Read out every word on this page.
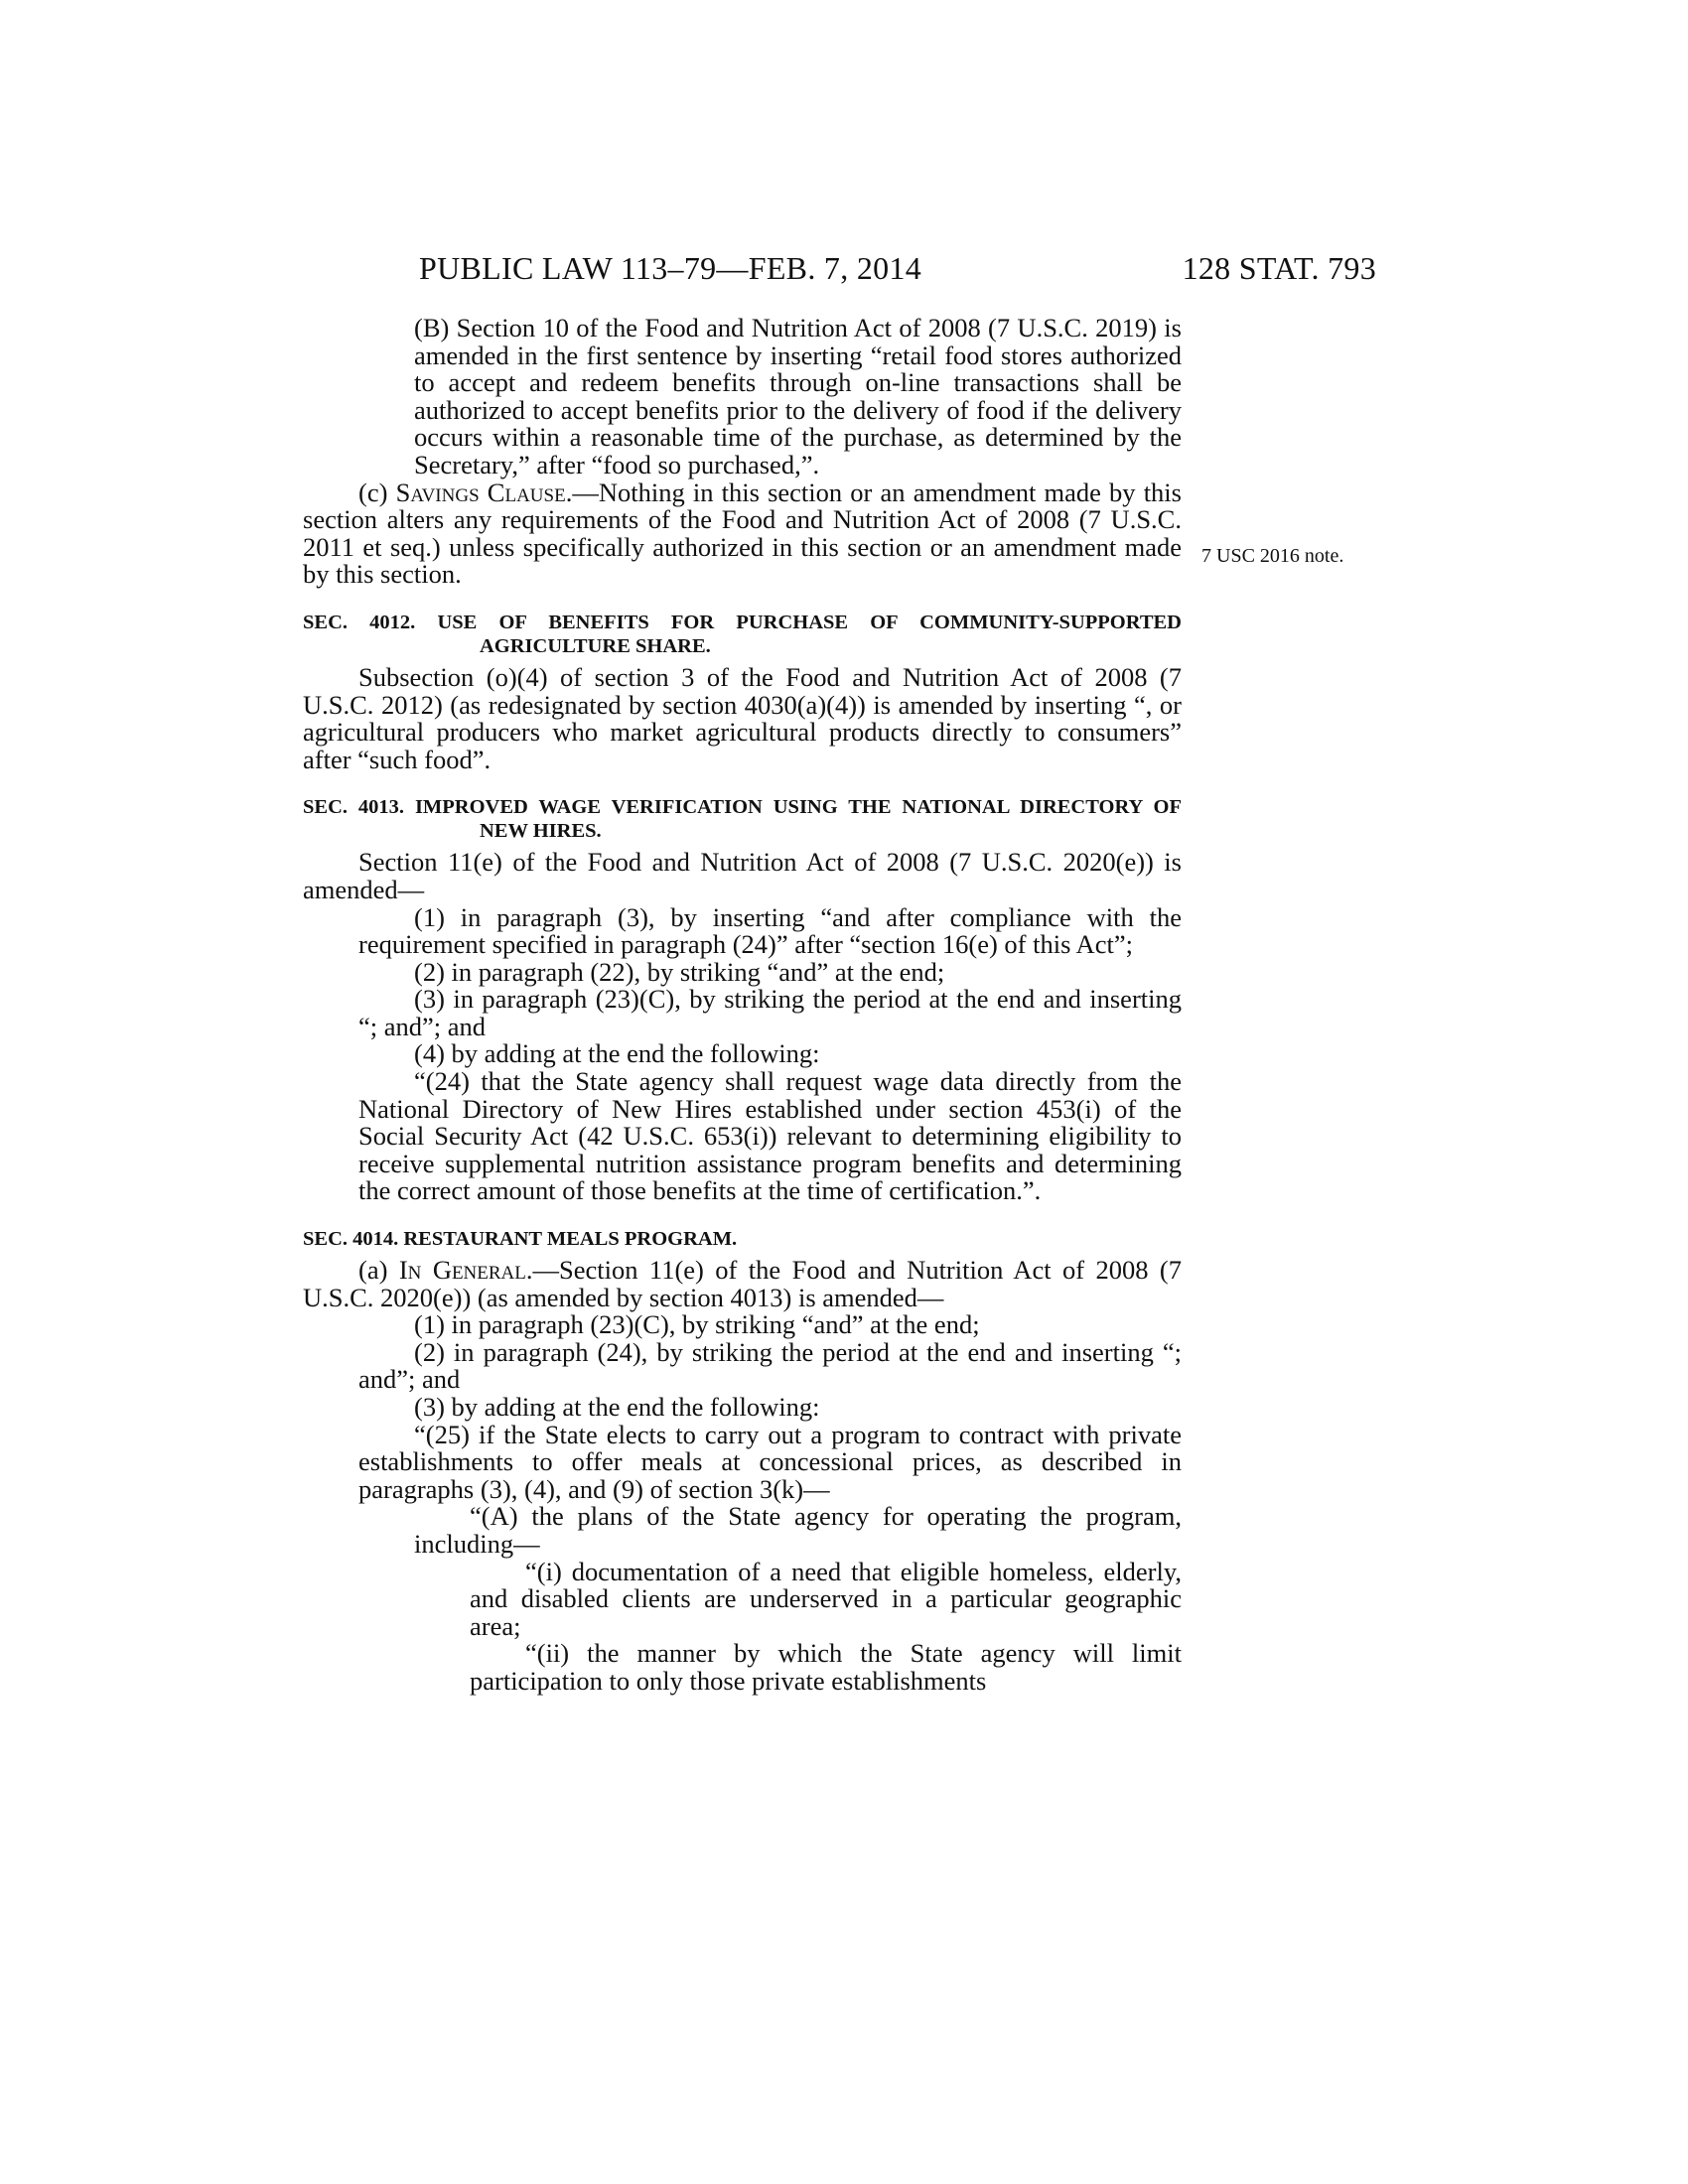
PUBLIC LAW 113–79—FEB. 7, 2014	128 STAT. 793
7 USC 2016 note.

(B) Section 10 of the Food and Nutrition Act of 2008 (7 U.S.C. 2019) is amended in the first sentence by inserting “retail food stores authorized to accept and redeem benefits through on-line transactions shall be authorized to accept benefits prior to the delivery of food if the delivery occurs within a reasonable time of the purchase, as determined by the Secretary,” after “food so purchased,”.

(c) Savings Clause.—Nothing in this section or an amendment made by this section alters any requirements of the Food and Nutrition Act of 2008 (7 U.S.C. 2011 et seq.) unless specifically authorized in this section or an amendment made by this section.

SEC. 4012. USE OF BENEFITS FOR PURCHASE OF COMMUNITY-SUPPORTED AGRICULTURE SHARE.

Subsection (o)(4) of section 3 of the Food and Nutrition Act of 2008 (7 U.S.C. 2012) (as redesignated by section 4030(a)(4)) is amended by inserting “, or agricultural producers who market agricultural products directly to consumers” after “such food”.

SEC. 4013. IMPROVED WAGE VERIFICATION USING THE NATIONAL DIRECTORY OF NEW HIRES.

Section 11(e) of the Food and Nutrition Act of 2008 (7 U.S.C. 2020(e)) is amended—

(1) in paragraph (3), by inserting “and after compliance with the requirement specified in paragraph (24)” after “section 16(e) of this Act”;

(2) in paragraph (22), by striking “and” at the end;

(3) in paragraph (23)(C), by striking the period at the end and inserting “; and”; and

(4) by adding at the end the following:

“(24) that the State agency shall request wage data directly from the National Directory of New Hires established under section 453(i) of the Social Security Act (42 U.S.C. 653(i)) relevant to determining eligibility to receive supplemental nutrition assistance program benefits and determining the correct amount of those benefits at the time of certification.”.

SEC. 4014. RESTAURANT MEALS PROGRAM.

(a) In General.—Section 11(e) of the Food and Nutrition Act of 2008 (7 U.S.C. 2020(e)) (as amended by section 4013) is amended—

(1) in paragraph (23)(C), by striking “and” at the end;

(2) in paragraph (24), by striking the period at the end and inserting “; and”; and

(3) by adding at the end the following:

“(25) if the State elects to carry out a program to contract with private establishments to offer meals at concessional prices, as described in paragraphs (3), (4), and (9) of section 3(k)—

“(A) the plans of the State agency for operating the program, including—

“(i) documentation of a need that eligible homeless, elderly, and disabled clients are underserved in a particular geographic area;

“(ii) the manner by which the State agency will limit participation to only those private establishments
